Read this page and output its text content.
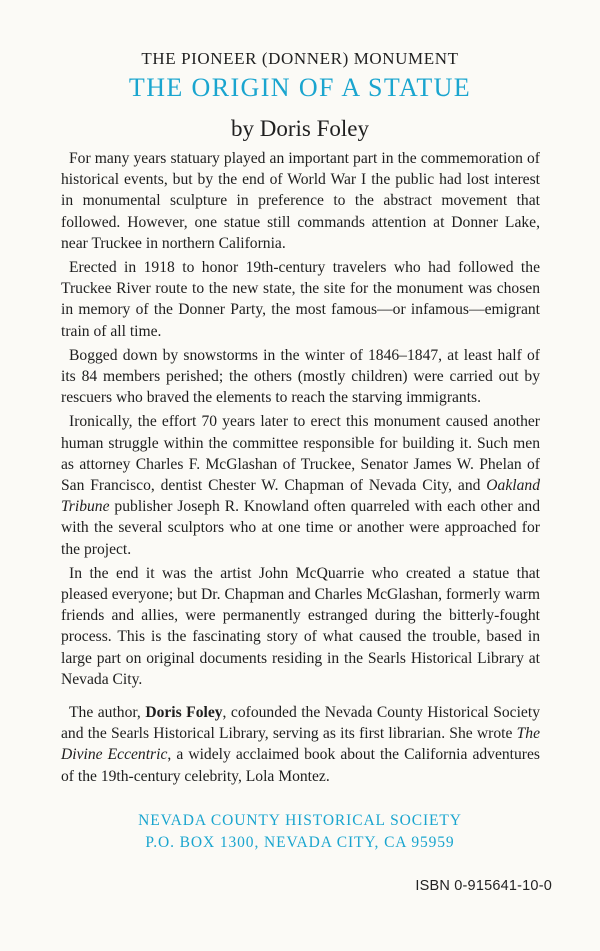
THE PIONEER (DONNER) MONUMENT
THE ORIGIN OF A STATUE
by Doris Foley

For many years statuary played an important part in the commemoration of historical events, but by the end of World War I the public had lost interest in monumental sculpture in preference to the abstract movement that followed. However, one statue still commands attention at Donner Lake, near Truckee in northern California.

Erected in 1918 to honor 19th-century travelers who had followed the Truckee River route to the new state, the site for the monument was chosen in memory of the Donner Party, the most famous—or infamous—emigrant train of all time.

Bogged down by snowstorms in the winter of 1846–1847, at least half of its 84 members perished; the others (mostly children) were carried out by rescuers who braved the elements to reach the starving immigrants.

Ironically, the effort 70 years later to erect this monument caused another human struggle within the committee responsible for building it. Such men as attorney Charles F. McGlashan of Truckee, Senator James W. Phelan of San Francisco, dentist Chester W. Chapman of Nevada City, and Oakland Tribune publisher Joseph R. Knowland often quarreled with each other and with the several sculptors who at one time or another were approached for the project.

In the end it was the artist John McQuarrie who created a statue that pleased everyone; but Dr. Chapman and Charles McGlashan, formerly warm friends and allies, were permanently estranged during the bitterly-fought process. This is the fascinating story of what caused the trouble, based in large part on original documents residing in the Searls Historical Library at Nevada City.

The author, Doris Foley, cofounded the Nevada County Historical Society and the Searls Historical Library, serving as its first librarian. She wrote The Divine Eccentric, a widely acclaimed book about the California adventures of the 19th-century celebrity, Lola Montez.

NEVADA COUNTY HISTORICAL SOCIETY
P.O. BOX 1300, NEVADA CITY, CA 95959
ISBN 0-915641-10-0
